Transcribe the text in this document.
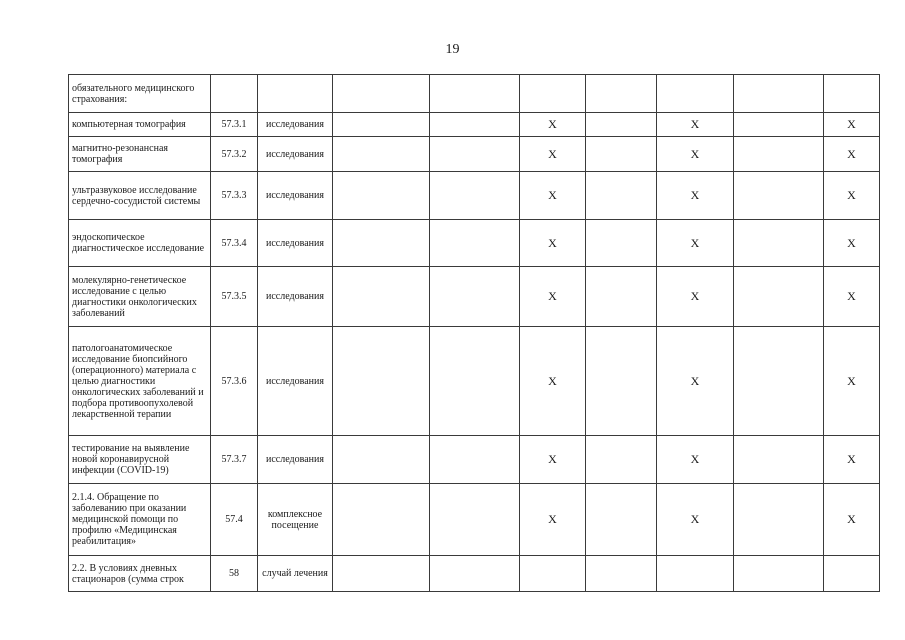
19
обязательного медицинского страхования:									
компьютерная томография	57.3.1	исследования			X		X		X
магнитно-резонансная томография	57.3.2	исследования			X		X		X
ультразвуковое исследование сердечно-сосудистой системы	57.3.3	исследования			X		X		X
эндоскопическое диагностическое исследование	57.3.4	исследования			X		X		X
молекулярно-генетическое исследование с целью диагностики онкологических заболеваний	57.3.5	исследования			X		X		X
патологоанатомическое исследование биопсийного (операционного) материала с целью диагностики онкологических заболеваний и подбора противоопухолевой лекарственной терапии	57.3.6	исследования			X		X		X
тестирование на выявление новой коронавирусной инфекции (COVID-19)	57.3.7	исследования			X		X		X
2.1.4. Обращение по заболеванию при оказании медицинской помощи по профилю «Медицинская реабилитация»	57.4	комплексное посещение			X		X		X
2.2. В условиях дневных стационаров (сумма строк	58	случай лечения							
